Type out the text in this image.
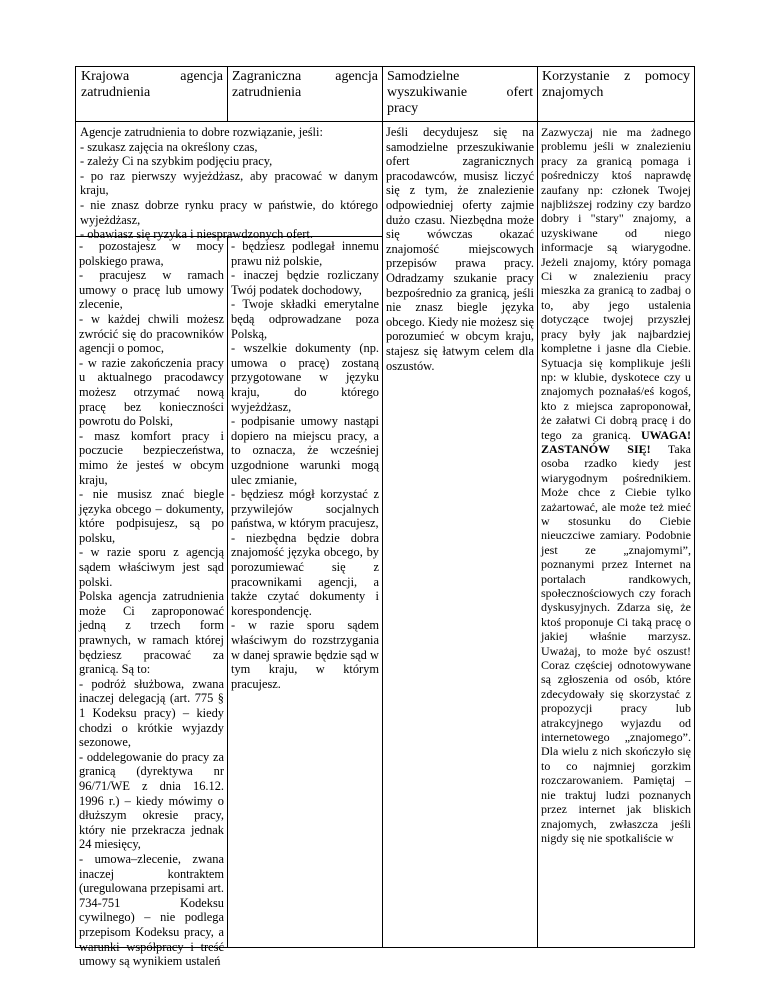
Krajowa agencja
zatrudnienia
Zagraniczna agencja
zatrudnienia
Samodzielne
wyszukiwanie ofert
pracy
Korzystanie z pomocy
znajomych

Agencje zatrudnienia to dobre rozwiązanie, jeśli:

- szukasz zajęcia na określony czas,

- zależy Ci na szybkim podjęciu pracy,

- po raz pierwszy wyjeżdżasz, aby pracować w danym kraju,

- nie znasz dobrze rynku pracy w państwie, do którego wyjeżdżasz,

- obawiasz się ryzyka i niesprawdzonych ofert.

- pozostajesz w mocy polskiego prawa,

- pracujesz w ramach umowy o pracę lub umowy zlecenie,

- w każdej chwili możesz zwrócić się do pracowników agencji o pomoc,

- w razie zakończenia pracy u aktualnego pracodawcy możesz otrzymać nową pracę bez konieczności powrotu do Polski,

- masz komfort pracy i poczucie bezpieczeństwa, mimo że jesteś w obcym kraju,

- nie musisz znać biegle języka obcego – dokumenty, które podpisujesz, są po polsku,

- w razie sporu z agencją sądem właściwym jest sąd polski.

Polska agencja zatrudnienia może Ci zaproponować jedną z trzech form prawnych, w ramach której będziesz pracować za granicą. Są to:

- podróż służbowa, zwana inaczej delegacją (art. 775 § 1 Kodeksu pracy) – kiedy chodzi o krótkie wyjazdy sezonowe,

- oddelegowanie do pracy za granicą (dyrektywa nr 96/71/WE z dnia 16.12. 1996 r.) – kiedy mówimy o dłuższym okresie pracy, który nie przekracza jednak 24 miesięcy,

- umowa–zlecenie, zwana inaczej kontraktem (uregulowana przepisami art. 734-751 Kodeksu cywilnego) – nie podlega przepisom Kodeksu pracy, a warunki współpracy i treść umowy są wynikiem ustaleń

- będziesz podlegał innemu prawu niż polskie,

- inaczej będzie rozliczany Twój podatek dochodowy,

- Twoje składki emerytalne będą odprowadzane poza Polską,

- wszelkie dokumenty (np. umowa o pracę) zostaną przygotowane w języku kraju, do którego wyjeżdżasz,

- podpisanie umowy nastąpi dopiero na miejscu pracy, a to oznacza, że wcześniej uzgodnione warunki mogą ulec zmianie,

- będziesz mógł korzystać z przywilejów socjalnych państwa, w którym pracujesz,

- niezbędna będzie dobra znajomość języka obcego, by porozumiewać się z pracownikami agencji, a także czytać dokumenty i korespondencję.

- w razie sporu sądem właściwym do rozstrzygania w danej sprawie będzie sąd w tym kraju, w którym pracujesz.

Jeśli decydujesz się na samodzielne przeszukiwanie ofert zagranicznych pracodawców, musisz liczyć się z tym, że znalezienie odpowiedniej oferty zajmie dużo czasu. Niezbędna może się wówczas okazać znajomość miejscowych przepisów prawa pracy. Odradzamy szukanie pracy bezpośrednio za granicą, jeśli nie znasz biegle języka obcego. Kiedy nie możesz się porozumieć w obcym kraju, stajesz się łatwym celem dla oszustów.

Zazwyczaj nie ma żadnego problemu jeśli w znalezieniu pracy za granicą pomaga i pośredniczy ktoś naprawdę zaufany np: członek Twojej najbliższej rodziny czy bardzo dobry i "stary" znajomy, a uzyskiwane od niego informacje są wiarygodne. Jeżeli znajomy, który pomaga Ci w znalezieniu pracy mieszka za granicą to zadbaj o to, aby jego ustalenia dotyczące twojej przyszłej pracy były jak najbardziej kompletne i jasne dla Ciebie. Sytuacja się komplikuje jeśli np: w klubie, dyskotece czy u znajomych poznałaś/eś kogoś, kto z miejsca zaproponował, że załatwi Ci dobrą pracę i do tego za granicą. UWAGA! ZASTANÓW SIĘ! Taka osoba rzadko kiedy jest wiarygodnym pośrednikiem. Może chce z Ciebie tylko zażartować, ale może też mieć w stosunku do Ciebie nieuczciwe zamiary. Podobnie jest ze „znajomymi”, poznanymi przez Internet na portalach randkowych, społecznościowych czy forach dyskusyjnych. Zdarza się, że ktoś proponuje Ci taką pracę o jakiej właśnie marzysz. Uważaj, to może być oszust! Coraz częściej odnotowywane są zgłoszenia od osób, które zdecydowały się skorzystać z propozycji pracy lub atrakcyjnego wyjazdu od internetowego „znajomego”. Dla wielu z nich skończyło się to co najmniej gorzkim rozczarowaniem. Pamiętaj – nie traktuj ludzi poznanych przez internet jak bliskich znajomych, zwłaszcza jeśli nigdy się nie spotkaliście w
